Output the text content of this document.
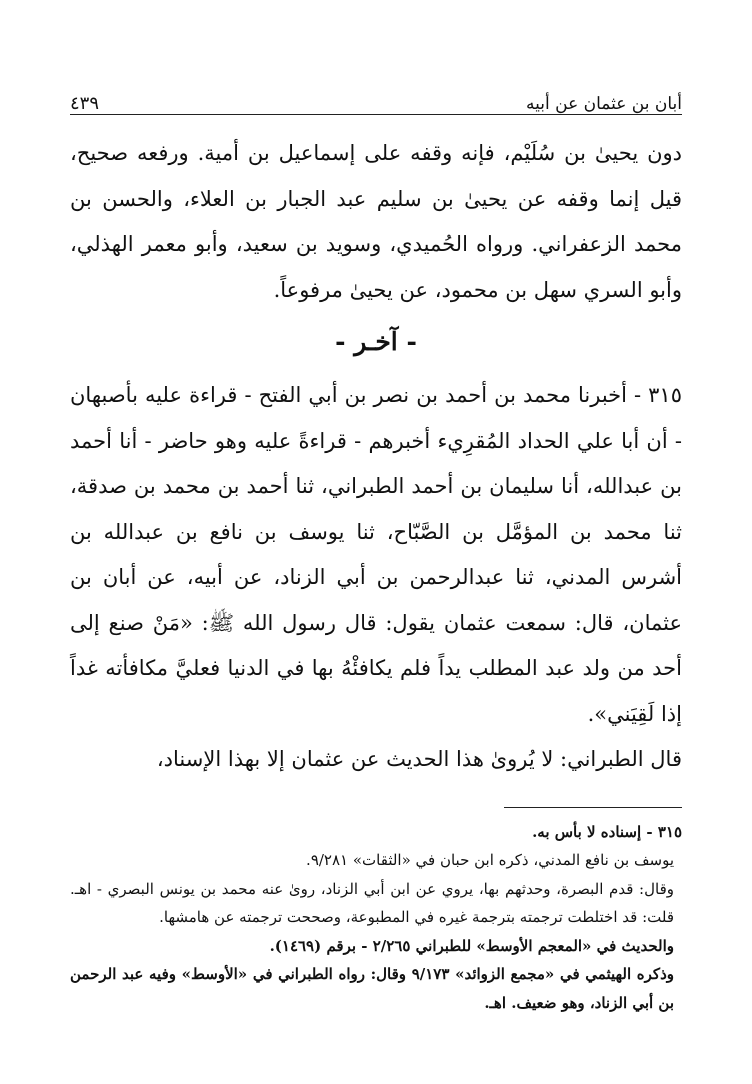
أبان بن عثمان عن أبيه
٤٣٩

دون يحيىٰ بن سُلَيْم، فإنه وقفه على إسماعيل بن أمية. ورفعه صحيح، قيل إنما وقفه عن يحيىٰ بن سليم عبد الجبار بن العلاء، والحسن بن محمد الزعفراني. ورواه الحُميدي، وسويد بن سعيد، وأبو معمر الهذلي، وأبو السري سهل بن محمود، عن يحيىٰ مرفوعاً.

- آخـر -

٣١٥ - أخبرنا محمد بن أحمد بن نصر بن أبي الفتح - قراءة عليه بأصبهان - أن أبا علي الحداد المُقرِيء أخبرهم - قراءةً عليه وهو حاضر - أنا أحمد بن عبدالله، أنا سليمان بن أحمد الطبراني، ثنا أحمد بن محمد بن صدقة، ثنا محمد بن المؤمَّل بن الصَّبّاح، ثنا يوسف بن نافع بن عبدالله بن أشرس المدني، ثنا عبدالرحمن بن أبي الزناد، عن أبيه، عن أبان بن عثمان، قال: سمعت عثمان يقول: قال رسول الله ﷺ: «مَنْ صنع إلى أحد من ولد عبد المطلب يداً فلم يكافئْهُ بها في الدنيا فعليَّ مكافأته غداً إذا لَقِيَني».

قال الطبراني: لا يُروىٰ هذا الحديث عن عثمان إلا بهذا الإسناد،

٣١٥ - إسناده لا بأس به.

يوسف بن نافع المدني، ذكره ابن حبان في «الثقات» ٩/٢٨١.

وقال: قدم البصرة، وحدثهم بها، يروي عن ابن أبي الزناد، روىٰ عنه محمد بن يونس البصري - اهـ. قلت: قد اختلطت ترجمته بترجمة غيره في المطبوعة، وصححت ترجمته عن هامشها.

والحديث في «المعجم الأوسط» للطبراني ٢/٢٦٥ - برقم (١٤٦٩).

وذكره الهيثمي في «مجمع الزوائد» ٩/١٧٣ وقال: رواه الطبراني في «الأوسط» وفيه عبد الرحمن بن أبي الزناد، وهو ضعيف. اهـ.
